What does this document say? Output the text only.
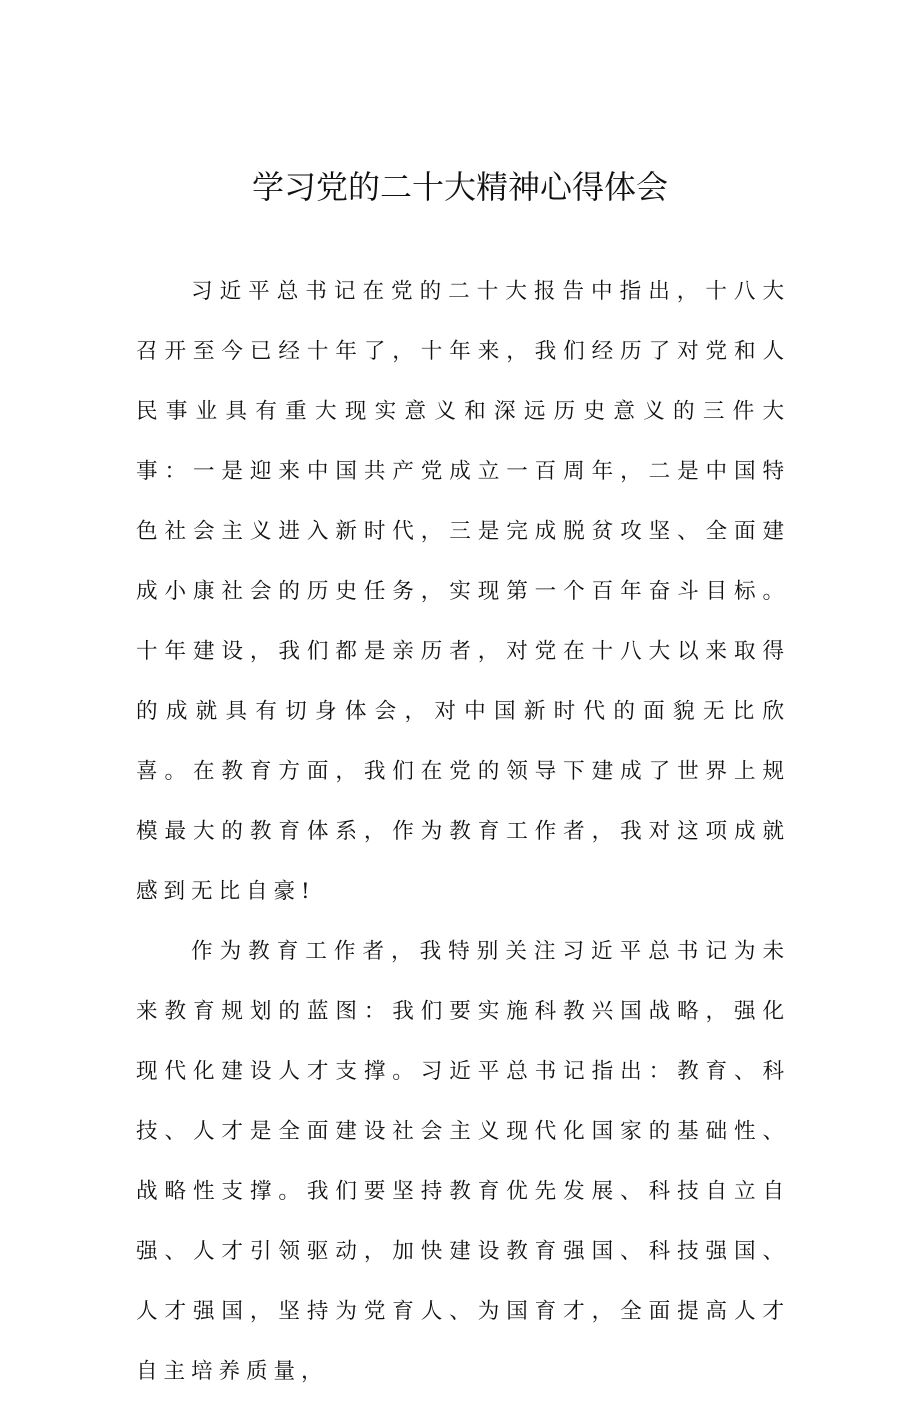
学习党的二十大精神心得体会

习近平总书记在党的二十大报告中指出，十八大召开至今已经十年了，十年来，我们经历了对党和人民事业具有重大现实意义和深远历史意义的三件大事：一是迎来中国共产党成立一百周年，二是中国特色社会主义进入新时代，三是完成脱贫攻坚、全面建成小康社会的历史任务，实现第一个百年奋斗目标。十年建设，我们都是亲历者，对党在十八大以来取得的成就具有切身体会，对中国新时代的面貌无比欣喜。在教育方面，我们在党的领导下建成了世界上规模最大的教育体系，作为教育工作者，我对这项成就感到无比自豪!

作为教育工作者，我特别关注习近平总书记为未来教育规划的蓝图：我们要实施科教兴国战略，强化现代化建设人才支撑。习近平总书记指出：教育、科技、人才是全面建设社会主义现代化国家的基础性、战略性支撑。我们要坚持教育优先发展、科技自立自强、人才引领驱动，加快建设教育强国、科技强国、人才强国，坚持为党育人、为国育才，全面提高人才自主培养质量，
